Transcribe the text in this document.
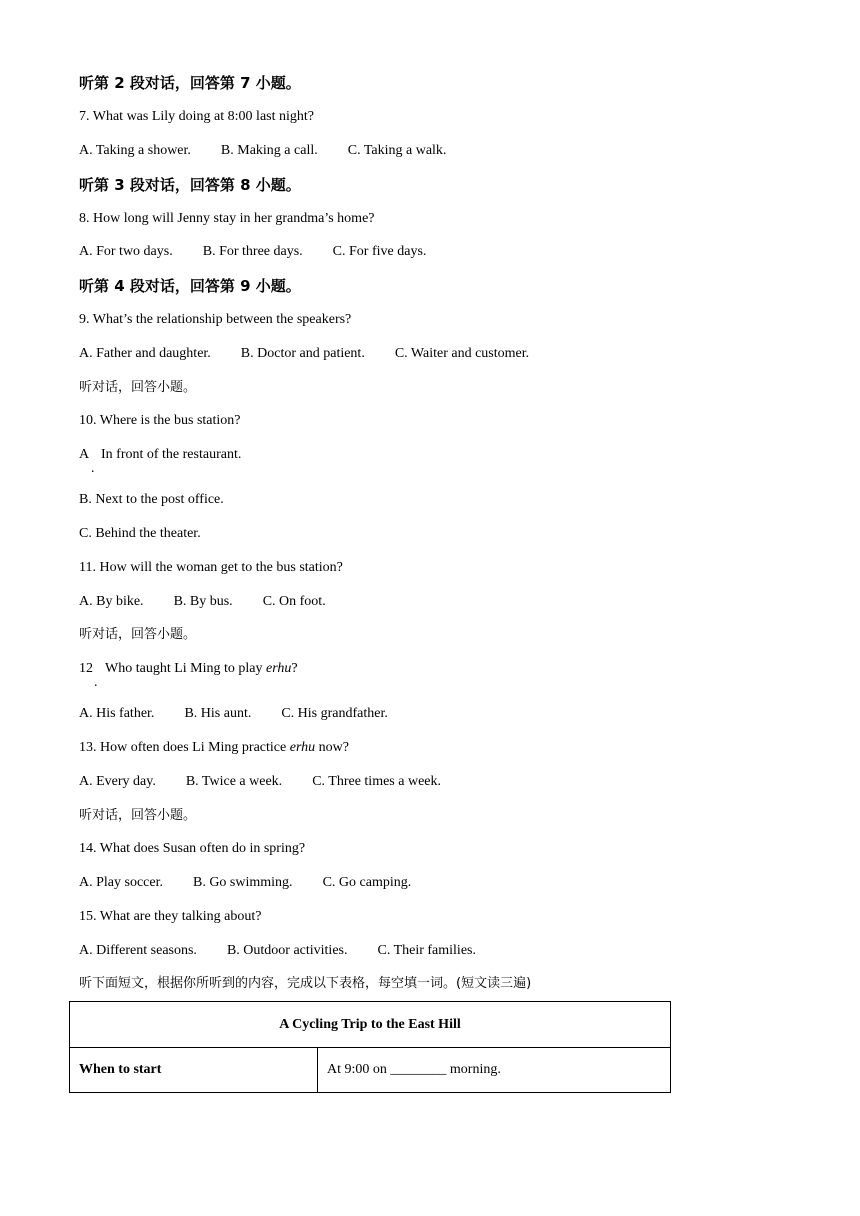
听第 2 段对话，回答第 7 小题。
7. What was Lily doing at 8:00 last night?
A. Taking a shower. B. Making a call. C. Taking a walk.
听第 3 段对话，回答第 8 小题。
8. How long will Jenny stay in her grandma’s home?
A. For two days. B. For three days. C. For five days.
听第 4 段对话，回答第 9 小题。
9. What’s the relationship between the speakers?
A. Father and daughter. B. Doctor and patient. C. Waiter and customer.
听对话，回答小题。
10. Where is the bus station?
A
.
In front of the restaurant.
B. Next to the post office.
C. Behind the theater.
11. How will the woman get to the bus station?
A. By bike. B. By bus. C. On foot.
听对话，回答小题。
12
.
Who taught Li Ming to play erhu?
A. His father. B. His aunt. C. His grandfather.
13. How often does Li Ming practice erhu now?
A. Every day. B. Twice a week. C. Three times a week.
听对话，回答小题。
14. What does Susan often do in spring?
A. Play soccer. B. Go swimming. C. Go camping.
15. What are they talking about?
A. Different seasons. B. Outdoor activities. C. Their families.
听下面短文，根据你所听到的内容，完成以下表格，每空填一词。(短文读三遍)
A Cycling Trip to the East Hill
When to start	At 9:00 on ________ morning.
